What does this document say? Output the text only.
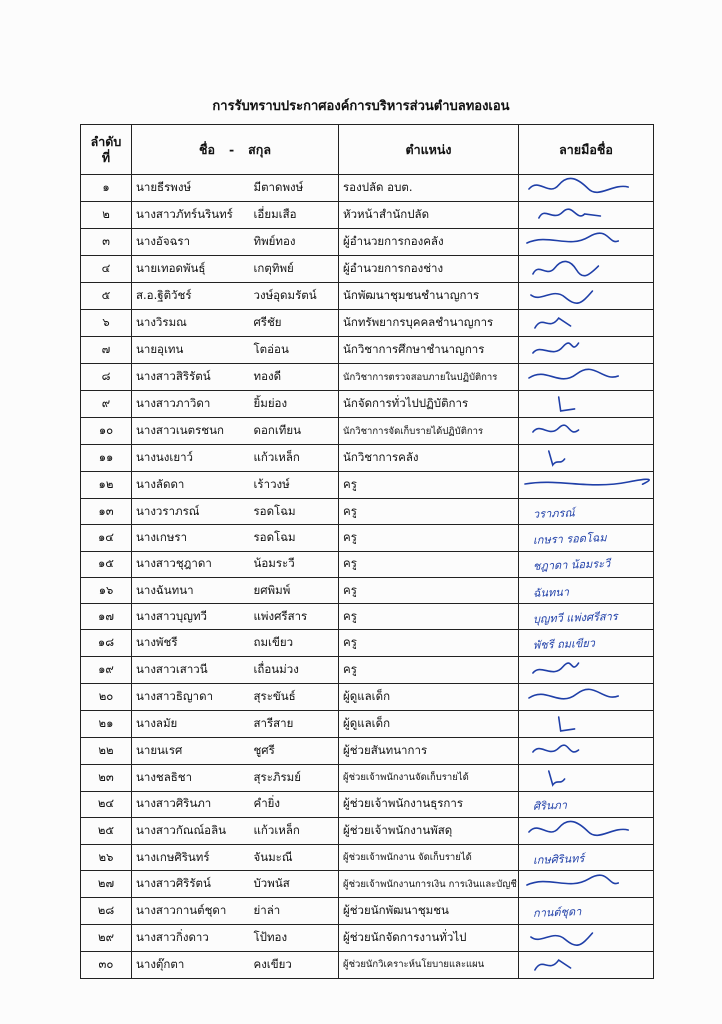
การรับทราบประกาศองค์การบริหารส่วนตำบลทองเอน
ลำดับ ที่	ชื่อ - สกุล		ตำแหน่ง	ลายมือชื่อ
๑	นายธีรพงษ์	มีตาดพงษ์	รองปลัด อบต.	

๒	นางสาวภัทร์นรินทร์	เอี่ยมเสือ	หัวหน้าสำนักปลัด	

๓	นางอัจฉรา	ทิพย์ทอง	ผู้อำนวยการกองคลัง	

๔	นายเทอดพันธุ์	เกตุทิพย์	ผู้อำนวยการกองช่าง	

๕	ส.อ.ฐิติวัชร์	วงษ์อุดมรัตน์	นักพัฒนาชุมชนชำนาญการ	

๖	นางวิรมณ	ศรีชัย	นักทรัพยากรบุคคลชำนาญการ	

๗	นายอุเทน	โตอ่อน	นักวิชาการศึกษาชำนาญการ	

๘	นางสาวสิริรัตน์	ทองดี	นักวิชาการตรวจสอบภายในปฏิบัติการ	

๙	นางสาวภาวิดา	ยิ้มย่อง	นักจัดการทั่วไปปฏิบัติการ	

๑๐	นางสาวเนตรชนก	ดอกเทียน	นักวิชาการจัดเก็บรายได้ปฏิบัติการ	

๑๑	นางนงเยาว์	แก้วเหล็ก	นักวิชาการคลัง	

๑๒	นางลัดดา	เร้าวงษ์	ครู	

๑๓	นางวราภรณ์	รอดโฉม	ครู	วราภรณ์

๑๔	นางเกษรา	รอดโฉม	ครู	เกษรา รอดโฉม

๑๕	นางสาวชุฎาดา	น้อมระวี	ครู	ชฎาดา น้อมระวี

๑๖	นางฉันทนา	ยศพิมพ์	ครู	ฉันทนา

๑๗	นางสาวบุญทวี	แพ่งศรีสาร	ครู	บุญทวี แพ่งศรีสาร

๑๘	นางพัชรี	ถมเขียว	ครู	พัชรี ถมเขียว

๑๙	นางสาวเสาวนี	เถื่อนม่วง	ครู	

๒๐	นางสาวธิญาดา	สุระขันธ์	ผู้ดูแลเด็ก	

๒๑	นางลมัย	สารีสาย	ผู้ดูแลเด็ก	

๒๒	นายนเรศ	ชูศรี	ผู้ช่วยสันทนาการ	

๒๓	นางชลธิชา	สุระภิรมย์	ผู้ช่วยเจ้าพนักงานจัดเก็บรายได้	

๒๔	นางสาวศิรินภา	คำยิ่ง	ผู้ช่วยเจ้าพนักงานธุรการ	ศิรินภา

๒๕	นางสาวกัณณ์อลิน	แก้วเหล็ก	ผู้ช่วยเจ้าพนักงานพัสดุ	

๒๖	นางเกษศิรินทร์	จันมะณี	ผู้ช่วยเจ้าพนักงาน จัดเก็บรายได้	เกษศิรินทร์

๒๗	นางสาวศิริรัตน์	บัวพนัส	ผู้ช่วยเจ้าพนักงานการเงิน การเงินและบัญชี	

๒๘	นางสาวกานต์ชุดา	ย่าล่า	ผู้ช่วยนักพัฒนาชุมชน	กานต์ชุดา

๒๙	นางสาวกิ่งดาว	โป้ทอง	ผู้ช่วยนักจัดการงานทั่วไป	

๓๐	นางตุ๊กตา	คงเขียว	ผู้ช่วยนักวิเคราะห์นโยบายและแผน	
